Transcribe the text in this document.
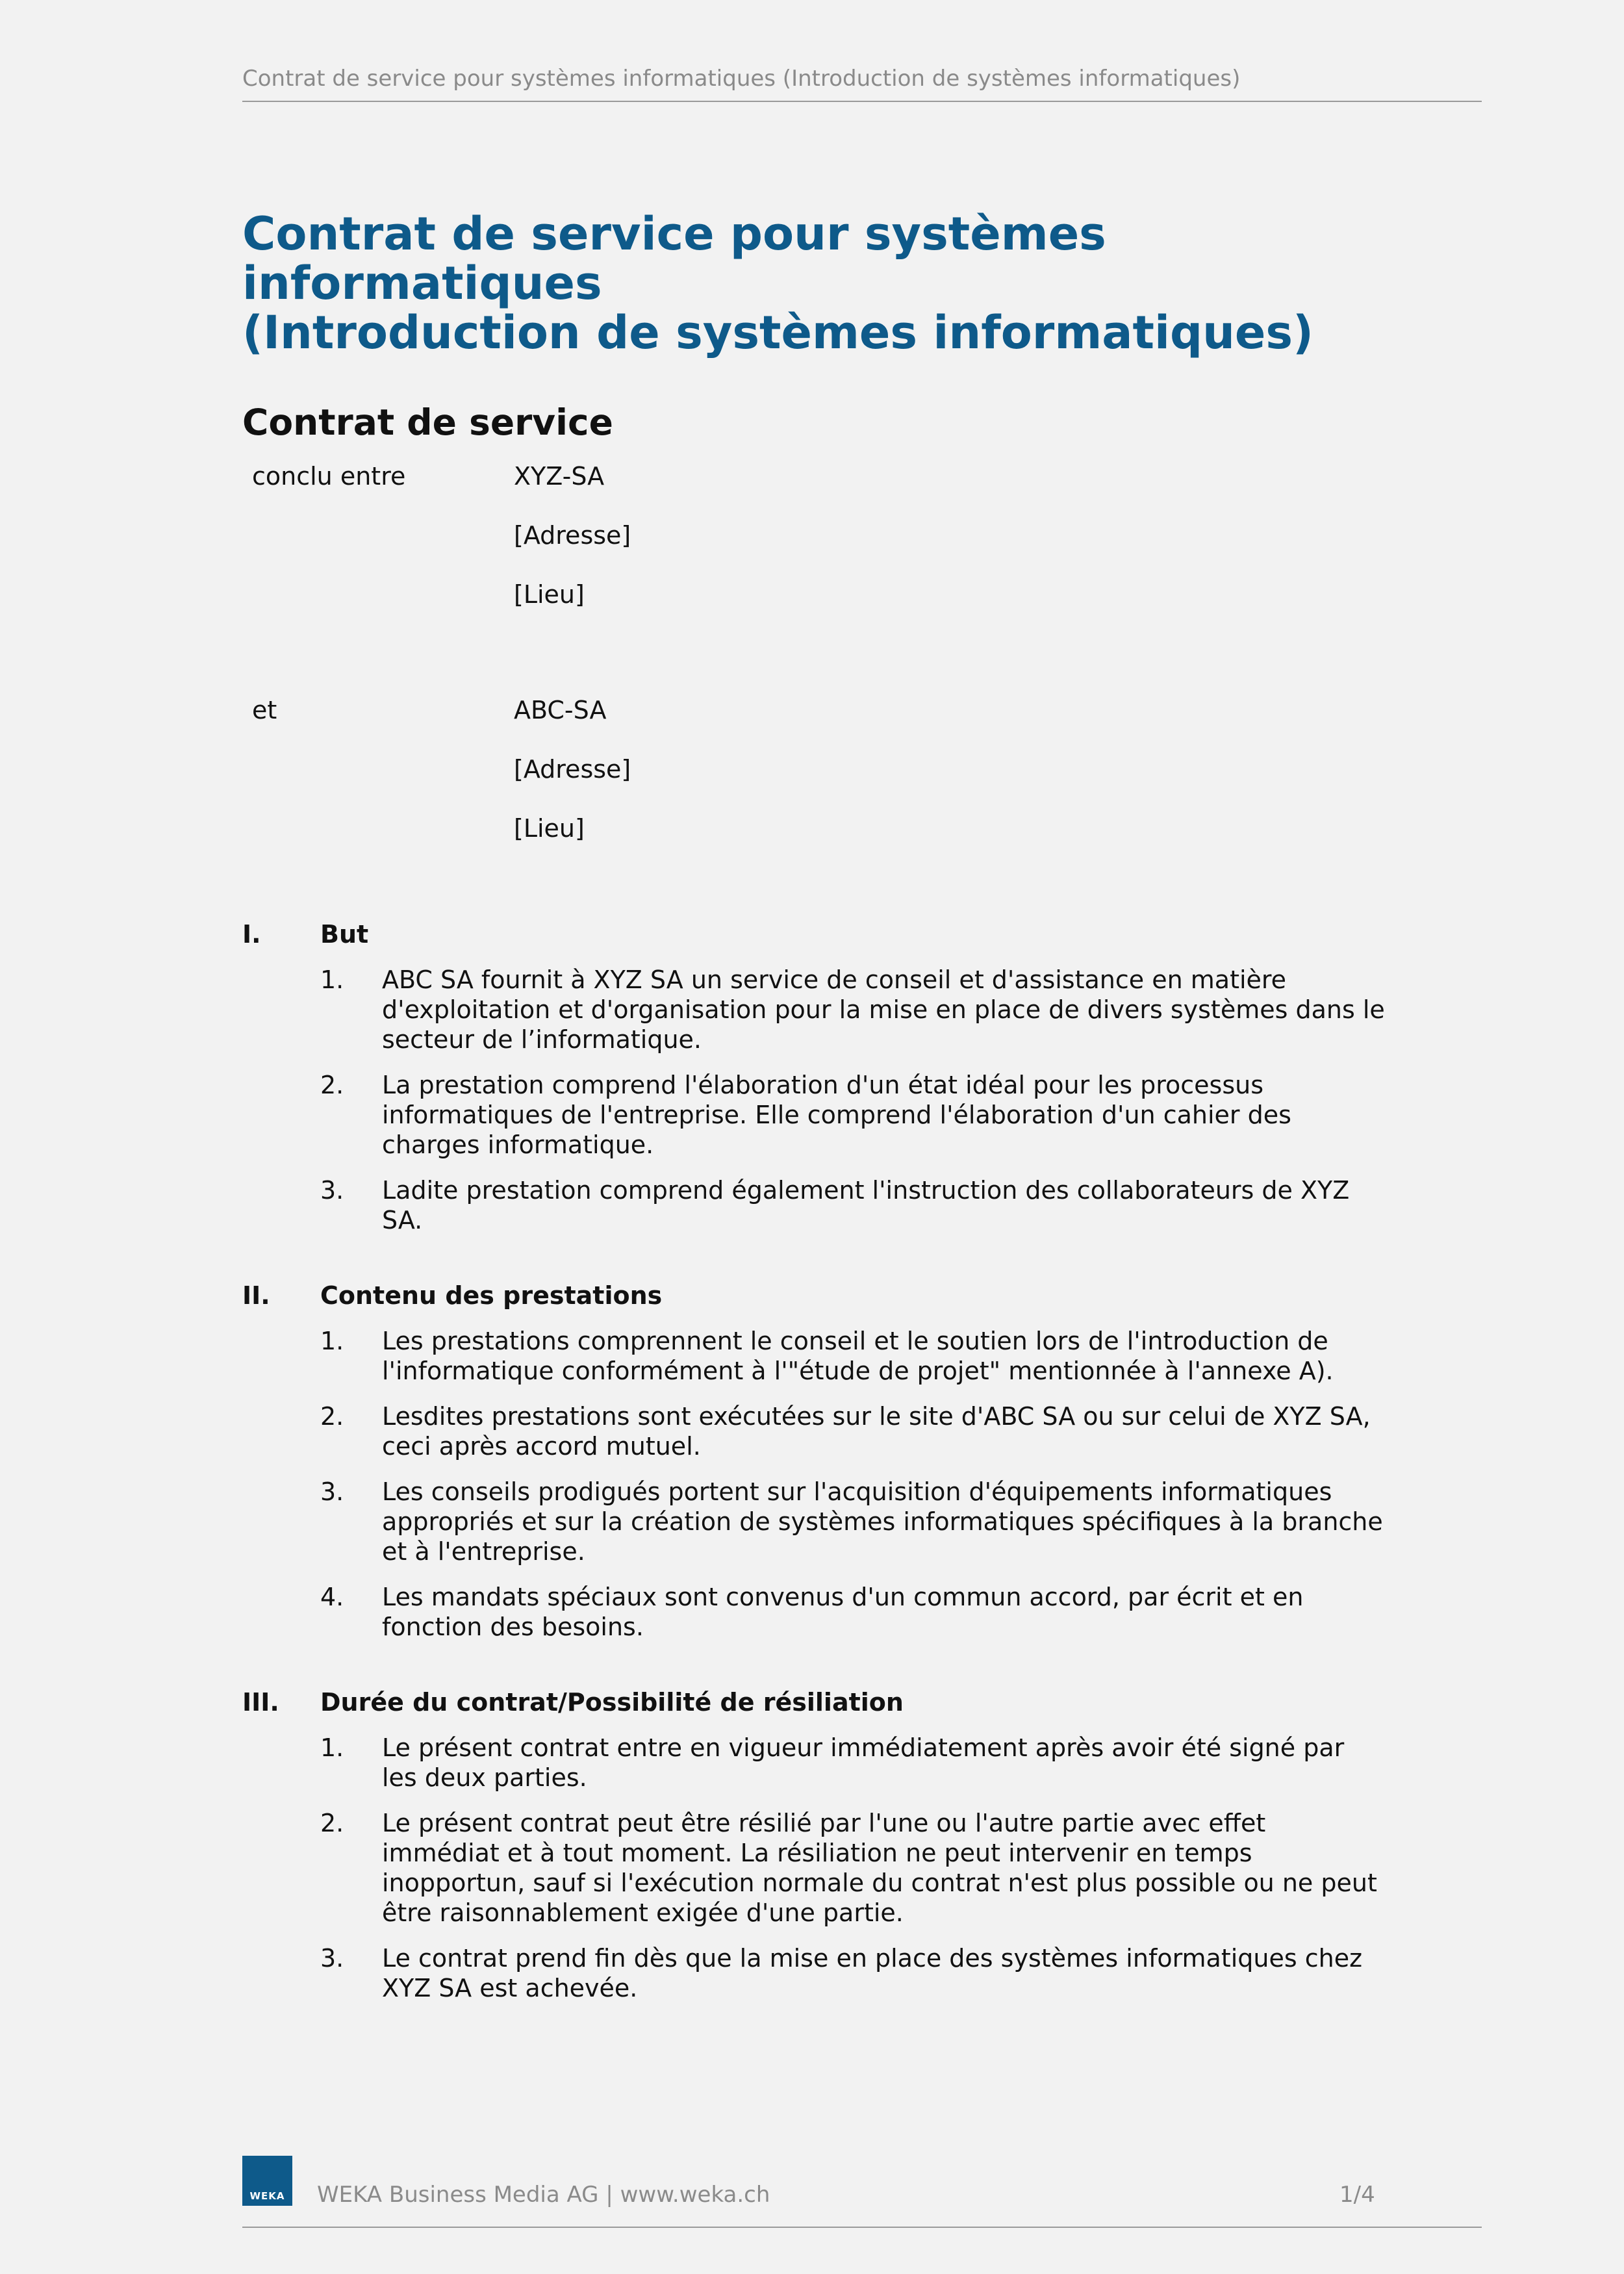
Contrat de service pour systèmes informatiques (Introduction de systèmes informatiques)
Contrat de service pour systèmes
informatiques
(Introduction de systèmes informatiques)
Contrat de service
conclu entre	XYZ-SA
[Adresse]
[Lieu]
et	ABC-SA
[Adresse]
[Lieu]
I.	But
1.	ABC SA fournit à XYZ SA un service de conseil et d'assistance en matière d'exploitation et d'organisation pour la mise en place de divers systèmes dans le secteur de l’informatique.
2.	La prestation comprend l'élaboration d'un état idéal pour les processus informatiques de l'entreprise. Elle comprend l'élaboration d'un cahier des charges informatique.
3.	Ladite prestation comprend également l'instruction des collaborateurs de XYZ SA.
II.	Contenu des prestations
1.	Les prestations comprennent le conseil et le soutien lors de l'introduction de l'informatique conformément à l'"étude de projet" mentionnée à l'annexe A).
2.	Lesdites prestations sont exécutées sur le site d'ABC SA ou sur celui de XYZ SA, ceci après accord mutuel.
3.	Les conseils prodigués portent sur l'acquisition d'équipements informatiques appropriés et sur la création de systèmes informatiques spécifiques à la branche et à l'entreprise.
4.	Les mandats spéciaux sont convenus d'un commun accord, par écrit et en fonction des besoins.
III.	Durée du contrat/Possibilité de résiliation
1.	Le présent contrat entre en vigueur immédiatement après avoir été signé par les deux parties.
2.	Le présent contrat peut être résilié par l'une ou l'autre partie avec effet immédiat et à tout moment. La résiliation ne peut intervenir en temps inopportun, sauf si l'exécution normale du contrat n'est plus possible ou ne peut être raisonnablement exigée d'une partie.
3.	Le contrat prend fin dès que la mise en place des systèmes informatiques chez XYZ SA est achevée.
WEKA	WEKA Business Media AG | www.weka.ch	1/4
